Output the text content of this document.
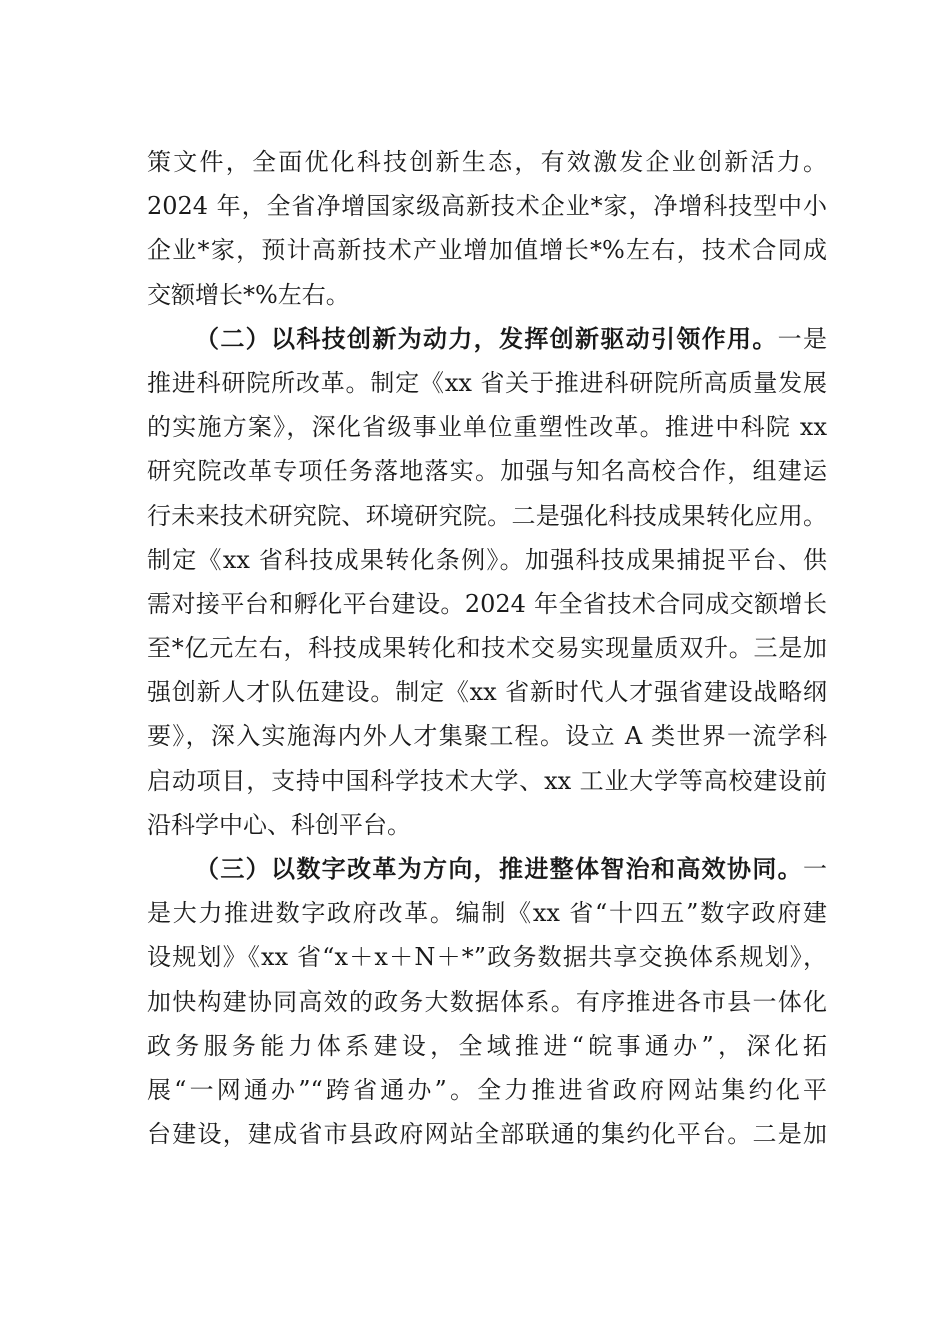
策文件，全面优化科技创新生态，有效激发企业创新活力。
2024 年，全省净增国家级高新技术企业*家，净增科技型中小
企业*家，预计高新技术产业增加值增长*%左右，技术合同成
交额增长*%左右。
（二）以科技创新为动力，发挥创新驱动引领作用。一是
推进科研院所改革。制定《xx 省关于推进科研院所高质量发展
的实施方案》，深化省级事业单位重塑性改革。推进中科院 xx
研究院改革专项任务落地落实。加强与知名高校合作，组建运
行未来技术研究院、环境研究院。二是强化科技成果转化应用。
制定《xx 省科技成果转化条例》。加强科技成果捕捉平台、供
需对接平台和孵化平台建设。2024 年全省技术合同成交额增长
至*亿元左右，科技成果转化和技术交易实现量质双升。三是加
强创新人才队伍建设。制定《xx 省新时代人才强省建设战略纲
要》，深入实施海内外人才集聚工程。设立 A 类世界一流学科
启动项目，支持中国科学技术大学、xx 工业大学等高校建设前
沿科学中心、科创平台。
（三）以数字改革为方向，推进整体智治和高效协同。一
是大力推进数字政府改革。编制《xx 省“十四五”数字政府建
设规划》《xx 省“x＋x＋N＋*”政务数据共享交换体系规划》，
加快构建协同高效的政务大数据体系。有序推进各市县一体化
政务服务能力体系建设，全域推进“皖事通办”，深化拓
展“一网通办”“跨省通办”。全力推进省政府网站集约化平
台建设，建成省市县政府网站全部联通的集约化平台。二是加
